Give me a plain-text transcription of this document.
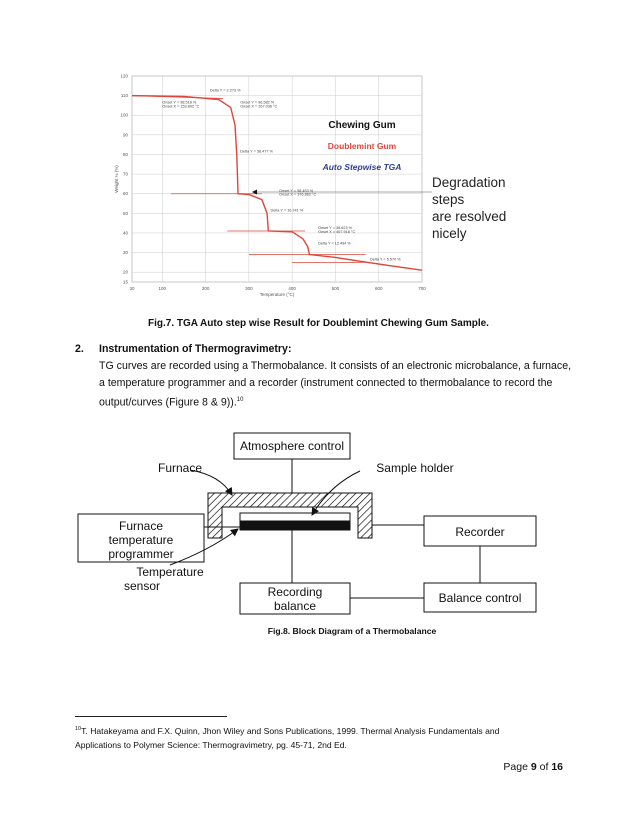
30	100	200	300	400	500	600	700
15
20
30
40
50
60
70
80
90
100
110
120
Temperature (°C)
Weight % (%)
Delta Y = 2.273 %
Onset Y = 98.518 %
Onset X = 153.802 °C
Onset Y = 96.582 %
Onset X = 267.036 °C
Delta Y = 38.477 %
Onset Y = 58.453 %
Onset X = 376.862 °C
Delta Y = 16.741 %
Onset Y = 38.623 %
Onset X = 467.918 °C
Delta Y = 12.494 %
Delta Y = 5.570 %
Chewing Gum
Doublemint Gum
Auto Stepwise TGA
Degradation
steps
are resolved
nicely
Fig.7. TGA Auto step wise Result for Doublemint Chewing Gum Sample.
2. Instrumentation of Thermogravimetry:
TG curves are recorded using a Thermobalance. It consists of an electronic microbalance, a furnace,
a temperature programmer and a recorder (instrument connected to thermobalance to record the
output/curves (Figure 8 & 9)).$^{10}$
Atmosphere control
Furnace	Sample holder
Furnace
temperature
programmer
Temperature
sensor	Recording
balance
Recorder
Balance control
Fig.8. Block Diagram of a Thermobalance
$^{10}$T. Hatakeyama and F.X. Quinn, Jhon Wiley and Sons Publications, 1999. Thermal Analysis Fundamentals and
Applications to Polymer Science: Thermogravimetry, pg. 45-71, 2nd Ed.
Page 9 of 16
